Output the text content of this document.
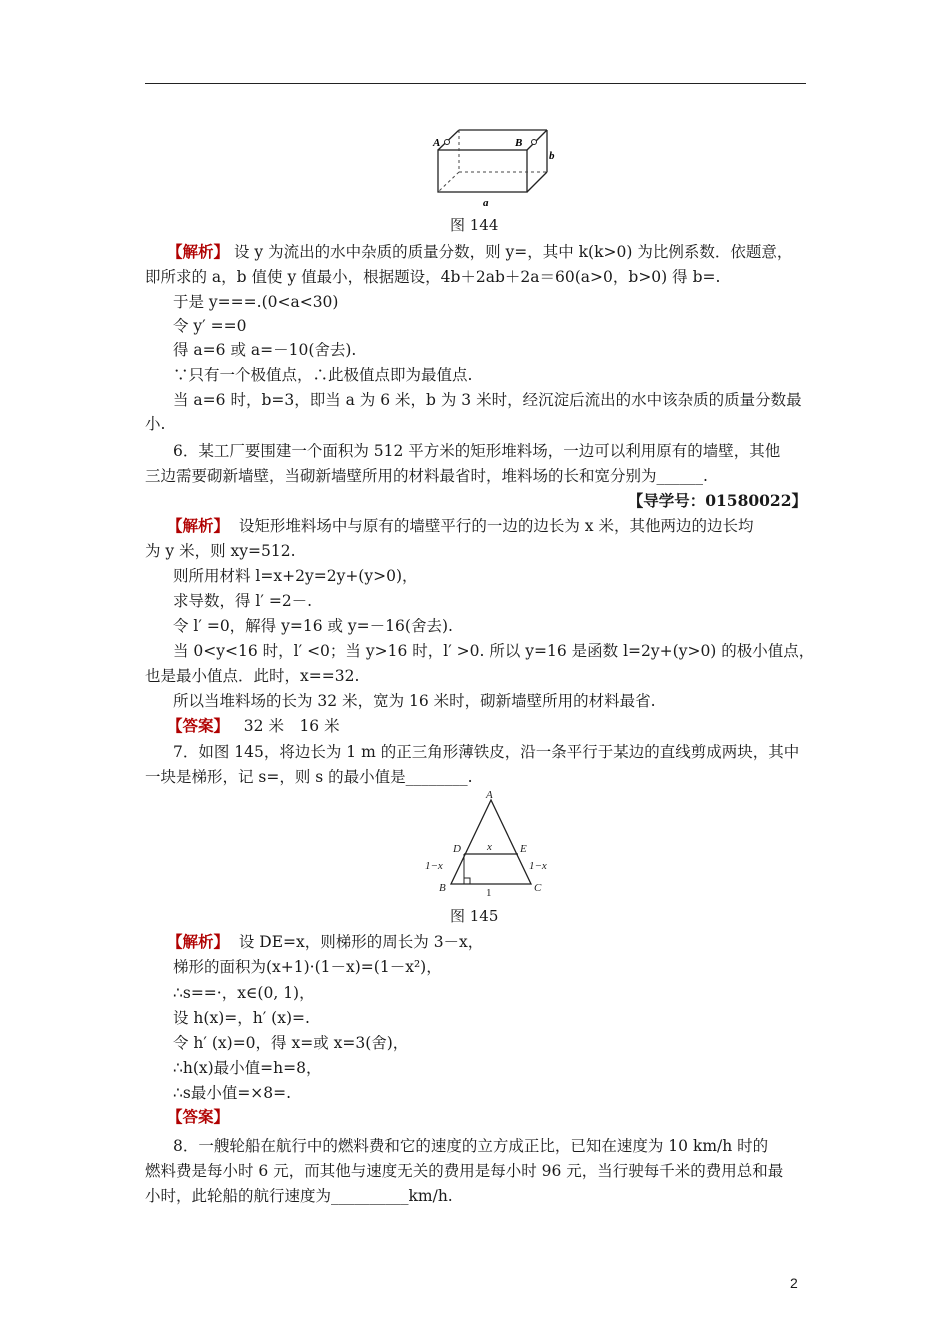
A	B
b
a
图 144
【解析】 设 y 为流出的水中杂质的质量分数，则 y=，其中 k(k>0) 为比例系数．依题意，
即所求的 a，b 值使 y 值最小，根据题设，4b＋2ab＋2a＝60(a>0，b>0) 得 b=.
于是 y===.(0<a<30)
令 y′ ==0
得 a=6 或 a=－10(舍去).
∵只有一个极值点，∴此极值点即为最值点.
当 a=6 时，b=3，即当 a 为 6 米，b 为 3 米时，经沉淀后流出的水中该杂质的质量分数最
小.
6．某工厂要围建一个面积为 512 平方米的矩形堆料场，一边可以利用原有的墙壁，其他
三边需要砌新墙壁，当砌新墙壁所用的材料最省时，堆料场的长和宽分别为______.
【导学号：01580022】
【解析】 设矩形堆料场中与原有的墙壁平行的一边的边长为 x 米，其他两边的边长均
为 y 米，则 xy=512.
则所用材料 l=x+2y=2y+(y>0)，
求导数，得 l′ =2－.
令 l′ =0，解得 y=16 或 y=－16(舍去).
当 0<y<16 时，l′ <0；当 y>16 时，l′ >0. 所以 y=16 是函数 l=2y+(y>0) 的极小值点，
也是最小值点．此时，x==32.
所以当堆料场的长为 32 米，宽为 16 米时，砌新墙壁所用的材料最省.
【答案】 32 米　16 米
7．如图 145，将边长为 1 m 的正三角形薄铁皮，沿一条平行于某边的直线剪成两块，其中
一块是梯形，记 s=，则 s 的最小值是________.
【解析】 设 DE=x，则梯形的周长为 3－x，
梯形的面积为(x+1)·(1－x)=(1－x²)，
∴s==·，x∈(0, 1)，
设 h(x)=，h′ (x)=.
令 h′ (x)=0，得 x=或 x=3(舍)，
∴h(x)最小值=h=8，
∴s最小值=×8=.
【答案】
8．一艘轮船在航行中的燃料费和它的速度的立方成正比，已知在速度为 10 km/h 时的
燃料费是每小时 6 元，而其他与速度无关的费用是每小时 96 元，当行驶每千米的费用总和最
小时，此轮船的航行速度为__________km/h.
A
D	E
x
1−x	1−x
B	C
1
图 145
2
